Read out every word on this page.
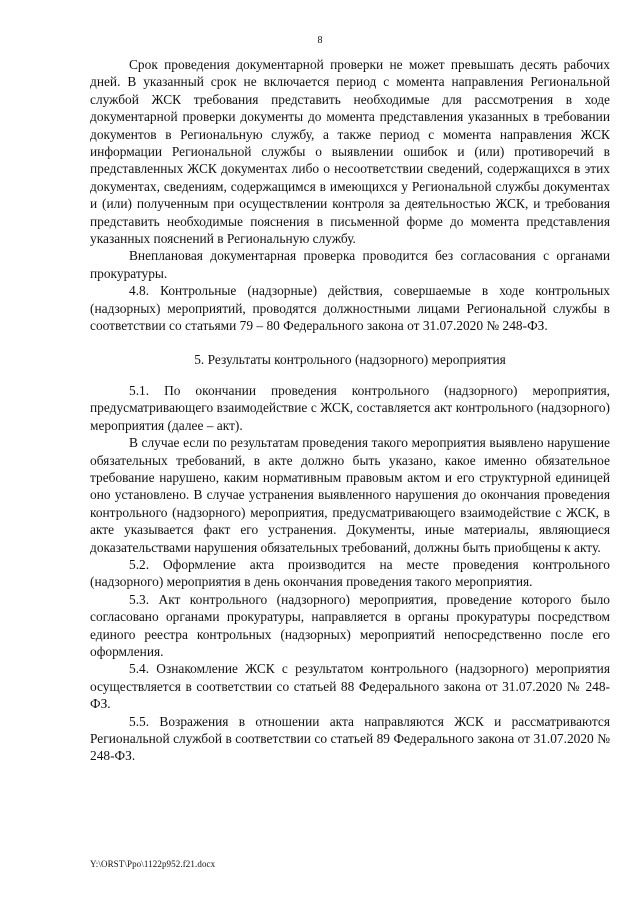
8

Срок проведения документарной проверки не может превышать десять рабочих дней. В указанный срок не включается период с момента направления Региональной службой ЖСК требования представить необходимые для рассмотрения в ходе документарной проверки документы до момента представления указанных в требовании документов в Региональную службу, а также период с момента направления ЖСК информации Региональной службы о выявлении ошибок и (или) противоречий в представленных ЖСК документах либо о несоответствии сведений, содержащихся в этих документах, сведениям, содержащимся в имеющихся у Региональной службы документах и (или) полученным при осуществлении контроля за деятельностью ЖСК, и требования представить необходимые пояснения в письменной форме до момента представления указанных пояснений в Региональную службу.

Внеплановая документарная проверка проводится без согласования с органами прокуратуры.

4.8. Контрольные (надзорные) действия, совершаемые в ходе контрольных (надзорных) мероприятий, проводятся должностными лицами Региональной службы в соответствии со статьями 79 – 80 Федерального закона от 31.07.2020 № 248-ФЗ.

5. Результаты контрольного (надзорного) мероприятия

5.1. По окончании проведения контрольного (надзорного) мероприятия, предусматривающего взаимодействие с ЖСК, составляется акт контрольного (надзорного) мероприятия (далее – акт).

В случае если по результатам проведения такого мероприятия выявлено нарушение обязательных требований, в акте должно быть указано, какое именно обязательное требование нарушено, каким нормативным правовым актом и его структурной единицей оно установлено. В случае устранения выявленного нарушения до окончания проведения контрольного (надзорного) мероприятия, предусматривающего взаимодействие с ЖСК, в акте указывается факт его устранения. Документы, иные материалы, являющиеся доказательствами нарушения обязательных требований, должны быть приобщены к акту.

5.2. Оформление акта производится на месте проведения контрольного (надзорного) мероприятия в день окончания проведения такого мероприятия.

5.3. Акт контрольного (надзорного) мероприятия, проведение которого было согласовано органами прокуратуры, направляется в органы прокуратуры посредством единого реестра контрольных (надзорных) мероприятий непосредственно после его оформления.

5.4. Ознакомление ЖСК с результатом контрольного (надзорного) мероприятия осуществляется в соответствии со статьей 88 Федерального закона от 31.07.2020 № 248-ФЗ.

5.5. Возражения в отношении акта направляются ЖСК и рассматриваются Региональной службой в соответствии со статьей 89 Федерального закона от 31.07.2020 № 248-ФЗ.

Y:\ORST\Ppo\1122p952.f21.docx
